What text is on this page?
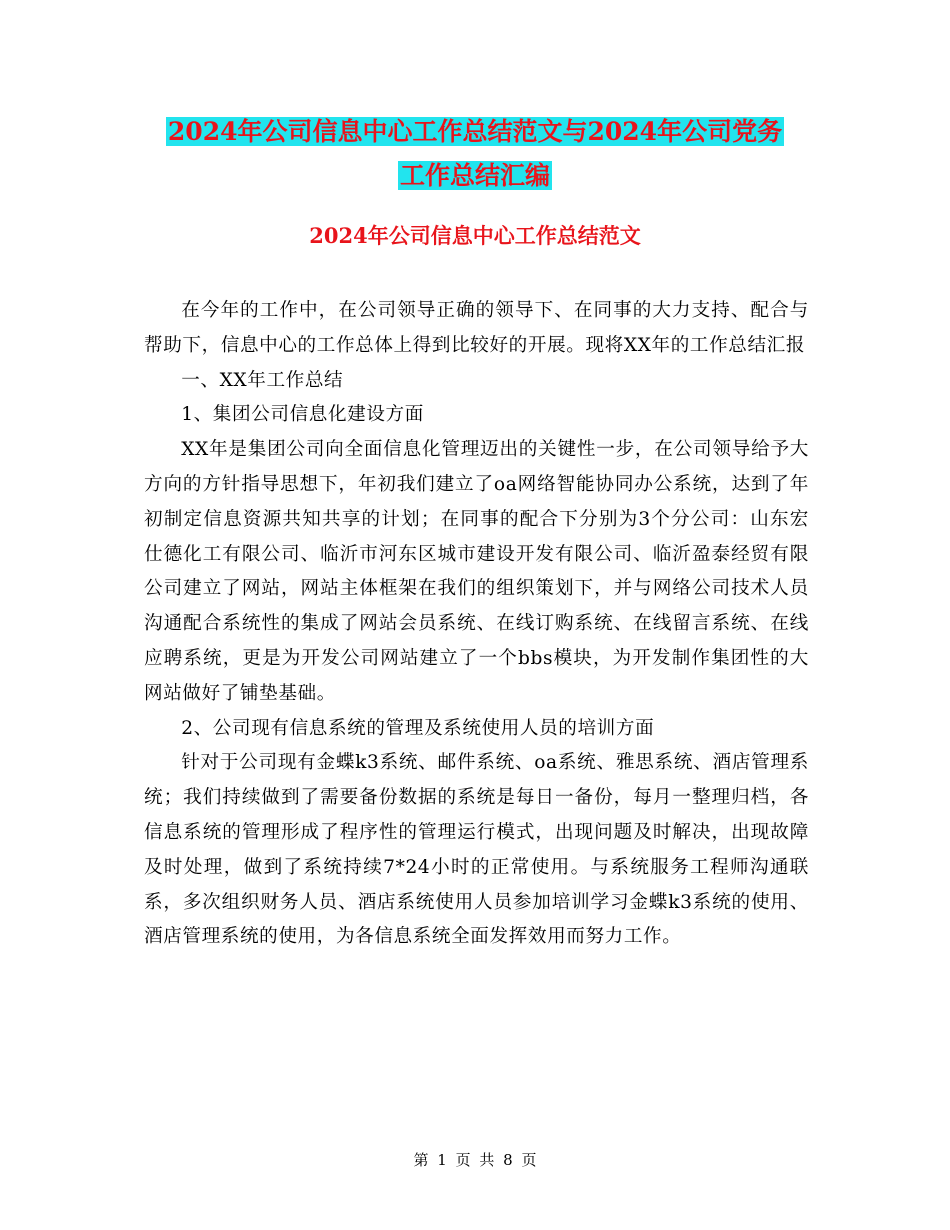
2024年公司信息中心工作总结范文与2024年公司党务
工作总结汇编
2024年公司信息中心工作总结范文

在今年的工作中，在公司领导正确的领导下、在同事的大力支持、配合与帮助下，信息中心的工作总体上得到比较好的开展。现将XX年的工作总结汇报

一、XX年工作总结

1、集团公司信息化建设方面

XX年是集团公司向全面信息化管理迈出的关键性一步，在公司领导给予大方向的方针指导思想下，年初我们建立了oa网络智能协同办公系统，达到了年初制定信息资源共知共享的计划；在同事的配合下分别为3个分公司：山东宏仕德化工有限公司、临沂市河东区城市建设开发有限公司、临沂盈泰经贸有限公司建立了网站，网站主体框架在我们的组织策划下，并与网络公司技术人员沟通配合系统性的集成了网站会员系统、在线订购系统、在线留言系统、在线应聘系统，更是为开发公司网站建立了一个bbs模块，为开发制作集团性的大网站做好了铺垫基础。

2、公司现有信息系统的管理及系统使用人员的培训方面

针对于公司现有金蝶k3系统、邮件系统、oa系统、雅思系统、酒店管理系统；我们持续做到了需要备份数据的系统是每日一备份，每月一整理归档，各信息系统的管理形成了程序性的管理运行模式，出现问题及时解决，出现故障及时处理，做到了系统持续7*24小时的正常使用。与系统服务工程师沟通联系，多次组织财务人员、酒店系统使用人员参加培训学习金蝶k3系统的使用、酒店管理系统的使用，为各信息系统全面发挥效用而努力工作。

第 1 页 共 8 页
